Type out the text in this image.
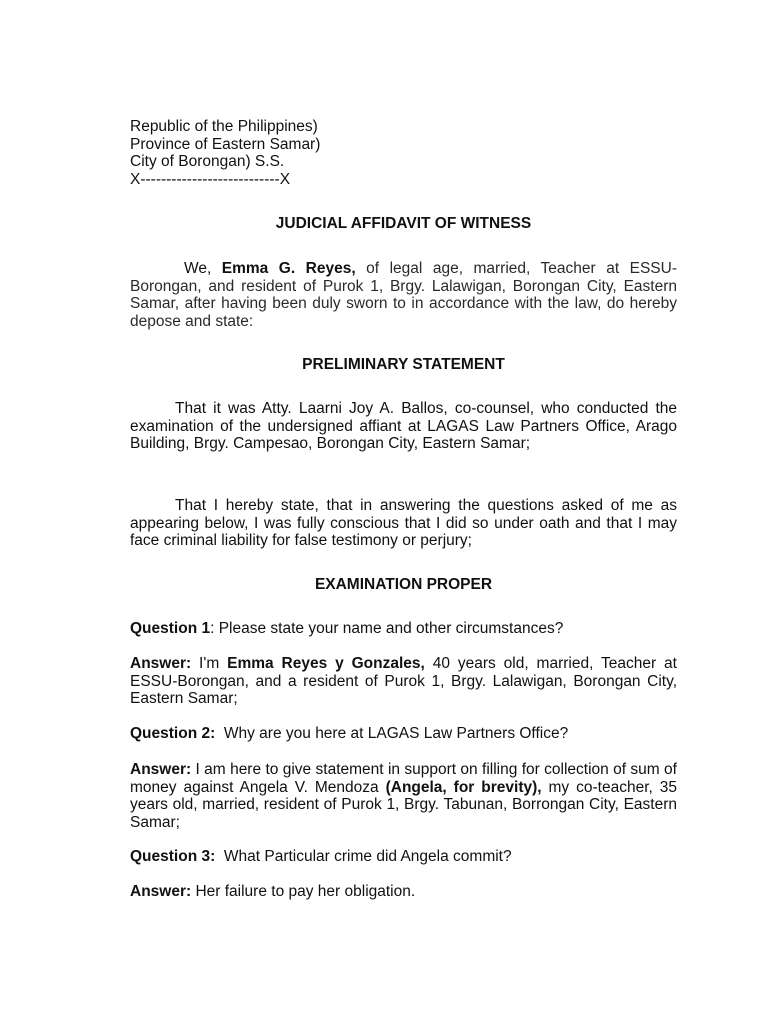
Republic of the Philippines)
Province of Eastern Samar)
City of Borongan) S.S.
X---------------------------X
JUDICIAL AFFIDAVIT OF WITNESS

We, Emma G. Reyes, of legal age, married, Teacher at ESSU-Borongan, and resident of Purok 1, Brgy. Lalawigan, Borongan City, Eastern Samar, after having been duly sworn to in accordance with the law, do hereby depose and state:

PRELIMINARY STATEMENT

That it was Atty. Laarni Joy A. Ballos, co-counsel, who conducted the examination of the undersigned affiant at LAGAS Law Partners Office, Arago Building, Brgy. Campesao, Borongan City, Eastern Samar;

That I hereby state, that in answering the questions asked of me as appearing below, I was fully conscious that I did so under oath and that I may face criminal liability for false testimony or perjury;

EXAMINATION PROPER

Question 1: Please state your name and other circumstances?

Answer: I'm Emma Reyes y Gonzales, 40 years old, married, Teacher at ESSU-Borongan, and a resident of Purok 1, Brgy. Lalawigan, Borongan City, Eastern Samar;

Question 2:  Why are you here at LAGAS Law Partners Office?

Answer: I am here to give statement in support on filling for collection of sum of money against Angela V. Mendoza (Angela, for brevity), my co-teacher, 35 years old, married, resident of Purok 1, Brgy. Tabunan, Borrongan City, Eastern Samar;

Question 3:  What Particular crime did Angela commit?

Answer: Her failure to pay her obligation.
